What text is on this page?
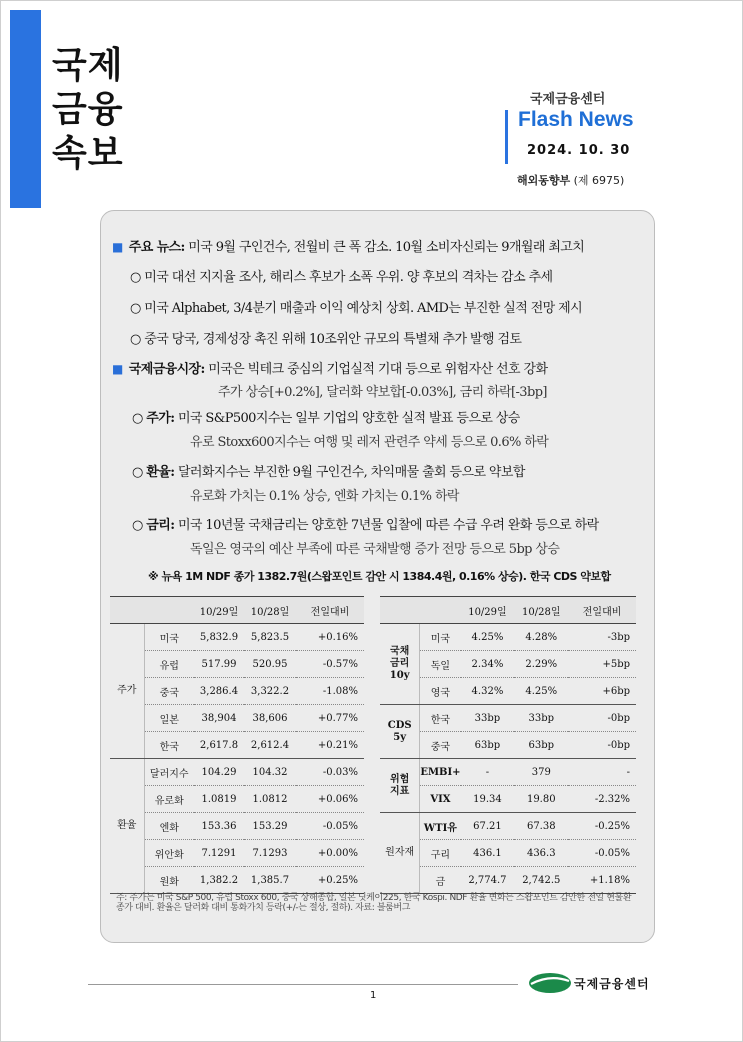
국제
금융
속보
국제금융센터
Flash News
2024. 10. 30
해외동향부 (제 6975)
■ 주요 뉴스: 미국 9월 구인건수, 전월비 큰 폭 감소. 10월 소비자신뢰는 9개월래 최고치
○ 미국 대선 지지율 조사, 해리스 후보가 소폭 우위. 양 후보의 격차는 감소 추세
○ 미국 Alphabet, 3/4분기 매출과 이익 예상치 상회. AMD는 부진한 실적 전망 제시
○ 중국 당국, 경제성장 촉진 위해 10조위안 규모의 특별채 추가 발행 검토
■ 국제금융시장: 미국은 빅테크 중심의 기업실적 기대 등으로 위험자산 선호 강화
주가 상승[+0.2%], 달러화 약보합[-0.03%], 금리 하락[-3bp]
○ 주가: 미국 S&P500지수는 일부 기업의 양호한 실적 발표 등으로 상승
유로 Stoxx600지수는 여행 및 레저 관련주 약세 등으로 0.6% 하락
○ 환율: 달러화지수는 부진한 9월 구인건수, 차익매물 출회 등으로 약보합
유로화 가치는 0.1% 상승, 엔화 가치는 0.1% 하락
○ 금리: 미국 10년물 국채금리는 양호한 7년물 입찰에 따른 수급 우려 완화 등으로 하락
독일은 영국의 예산 부족에 따른 국채발행 증가 전망 등으로 5bp 상승
※ 뉴욕 1M NDF 종가 1382.7원(스왑포인트 감안 시 1384.4원, 0.16% 상승). 한국 CDS 약보합
		10/29일	10/28일	전일대비
주가	미국	5,832.9	5,823.5	+0.16%
	유럽	517.99	520.95	-0.57%
	중국	3,286.4	3,322.2	-1.08%
	일본	38,904	38,606	+0.77%
	한국	2,617.8	2,612.4	+0.21%
환율	달러지수	104.29	104.32	-0.03%
	유로화	1.0819	1.0812	+0.06%
	엔화	153.36	153.29	-0.05%
	위안화	7.1291	7.1293	+0.00%
	원화	1,382.2	1,385.7	+0.25%
		10/29일	10/28일	전일대비
국채
금리
10y	미국	4.25%	4.28%	-3bp
	독일	2.34%	2.29%	+5bp
	영국	4.32%	4.25%	+6bp
CDS
5y	한국	33bp	33bp	-0bp
	중국	63bp	63bp	-0bp
위험
지표	EMBI+	-	379	-
	VIX	19.34	19.80	-2.32%
원자재	WTI유	67.21	67.38	-0.25%
	구리	436.1	436.3	-0.05%
	금	2,774.7	2,742.5	+1.18%
주: 주가는 미국 S&P 500, 유럽 Stoxx 600, 중국 상해종합, 일본 닛케이225, 한국 Kospi. NDF 환율 변화는 스왑포인트 감안한 전일 현물환 종가 대비. 환율은 달러화 대비 통화가치 등락(+/-는 절상, 절하). 자료: 블룸버그
국제금융센터
1
